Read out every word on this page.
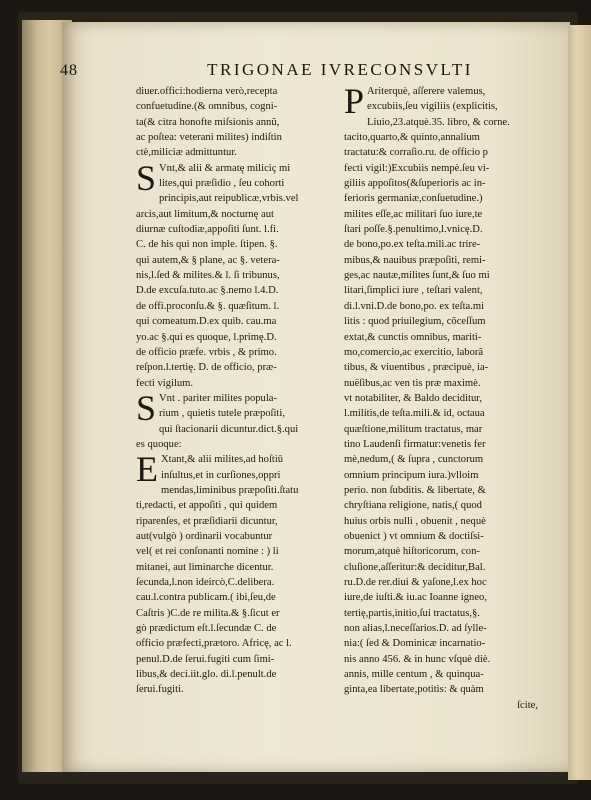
48	TRIGONAE IVRECONSVLTI
diuer.offici:hodierna verò,recepta
confuetudine.(& omnibus, cogni-
ta(& citra honofte miſsionis annũ,
ac poſtea: veterani milites) indiſtin
ctè,miliciæ admittuntur.
S Vnt,& alii & armatę miliciç mi
lites,qui præſidio , ſeu cohorti
principis,aut reipublicæ,vrbis.vel
arcis,aut limitum,& nocturnę aut
diurnæ cuſtodiæ,appoſiti ſunt. l.fi.
C. de his qui non imple. ſtipen. §.
qui autem,& § plane, ac §. vetera-
nis,l.ſed & milites.& l. ſi tribunus,
D.de excuſa.tuto.ac §.nemo l.4.D.
de offi.proconſu.& §. quæſitum. l.
qui comeatum.D.ex quib. cau.ma
yo.ac §.qui es quoque, l.primę.D.
de officio præfe. vrbis , & primo.
reſpon.l.tertię. D. de officio, præ-
fecti vigilum.
S Vnt . pariter milites popula-
rium , quietis tutele præpoſiti,
qui ſtacionarii dicuntur.dict.§.qui
es quoque:
E Xtant,& alii milites,ad hoſtiū
inſultus,et in curſiones,oppri
mendas,liminibus præpoſiti.ſtatu
ti,redacti, et appoſiti , qui quidem
riparenſes, et præſidiarii dicuntur,
aut(vulgò ) ordinarii vocabuntur
vel( et rei conſonanti nomine : ) li
mitanei, aut liminarche dicentur.
ſecunda,l.non ideircò,C.delibera.
cau.l.contra publicam.( ibi,ſeu,de
Caſtris )C.de re milita.& §.ſicut er
gò prædictum eſt.l.ſecundæ C. de
officio præfecti,prætoro. Africę, ac l.
penul.D.de ſerui.fugiti cum ſimi-
libus,& deci.iit.glo. di.l.penult.de
ſerui.fugiti.
P Ariterquè, aſſerere valemus,
excubiis,ſeu vigiliis (explicitis,
Liuio,23.atquè.35. libro, & corne.
tacito,quarto,& quinto,annalium
tractatu:& corraſio.ru. de officio p
fecti vigil:)Excubiis nempè.ſeu vi-
giliis appoſitos(&ſuperioris ac in-
ferioris germaniæ,conſuetudine.)
milites eſſe,ac militari ſuo iure,te
ſtari poſſe.§.penultimo,l.vnicę.D.
de bono,po.ex teſta.mili.ac trire-
mibus,& nauibus præpoſiti, remi-
ges,ac nautæ,milites ſunt,& ſuo mi
litari,ſimplici iure , teſtari valent,
di.l.vni.D.de bono,po. ex teſta.mi
litis : quod priuilegium, cõceſſum
extat,& cunctis omnibus, mariti-
mo,comercio,ac exercitio, laborã
tibus, & viuentibus , præcipuè, ia-
nuëſibus,ac ven tis præ maximè.
vt notabiliter, & Baldo deciditur,
l.militis,de teſta.mili.& id, octaua
quæſtione,militum tractatus, mar
tino Laudenſi firmatur:venetis fer
mè,nedum,( & ſupra , cunctorum
omnium principum iura.)vlloim
perio. non ſubditis. & libertate, &
chryſtiana religione, natis,( quod
huius orbis nulli , obuenit , nequè
obuenict ) vt omnium & doctiſsi-
morum,atquè hiſtoricorum, con-
cluſione,aſſeritur:& deciditur,Bal.
ru.D.de rer.diui & yaſone,l.ex hoc
iure,de iuſti.& iu.ac Ioanne igneo,
tertię,partis,initio,ſui tractatus,§.
non alias,l.neceſſarios.D. ad ſylle-
nia:( ſed & Dominicæ incarnatio-
nis anno 456. & in hunc vſquè diè.
annis, mille centum , & quinqua-
ginta,ea libertate,potitis: & quàm
ſcite,
